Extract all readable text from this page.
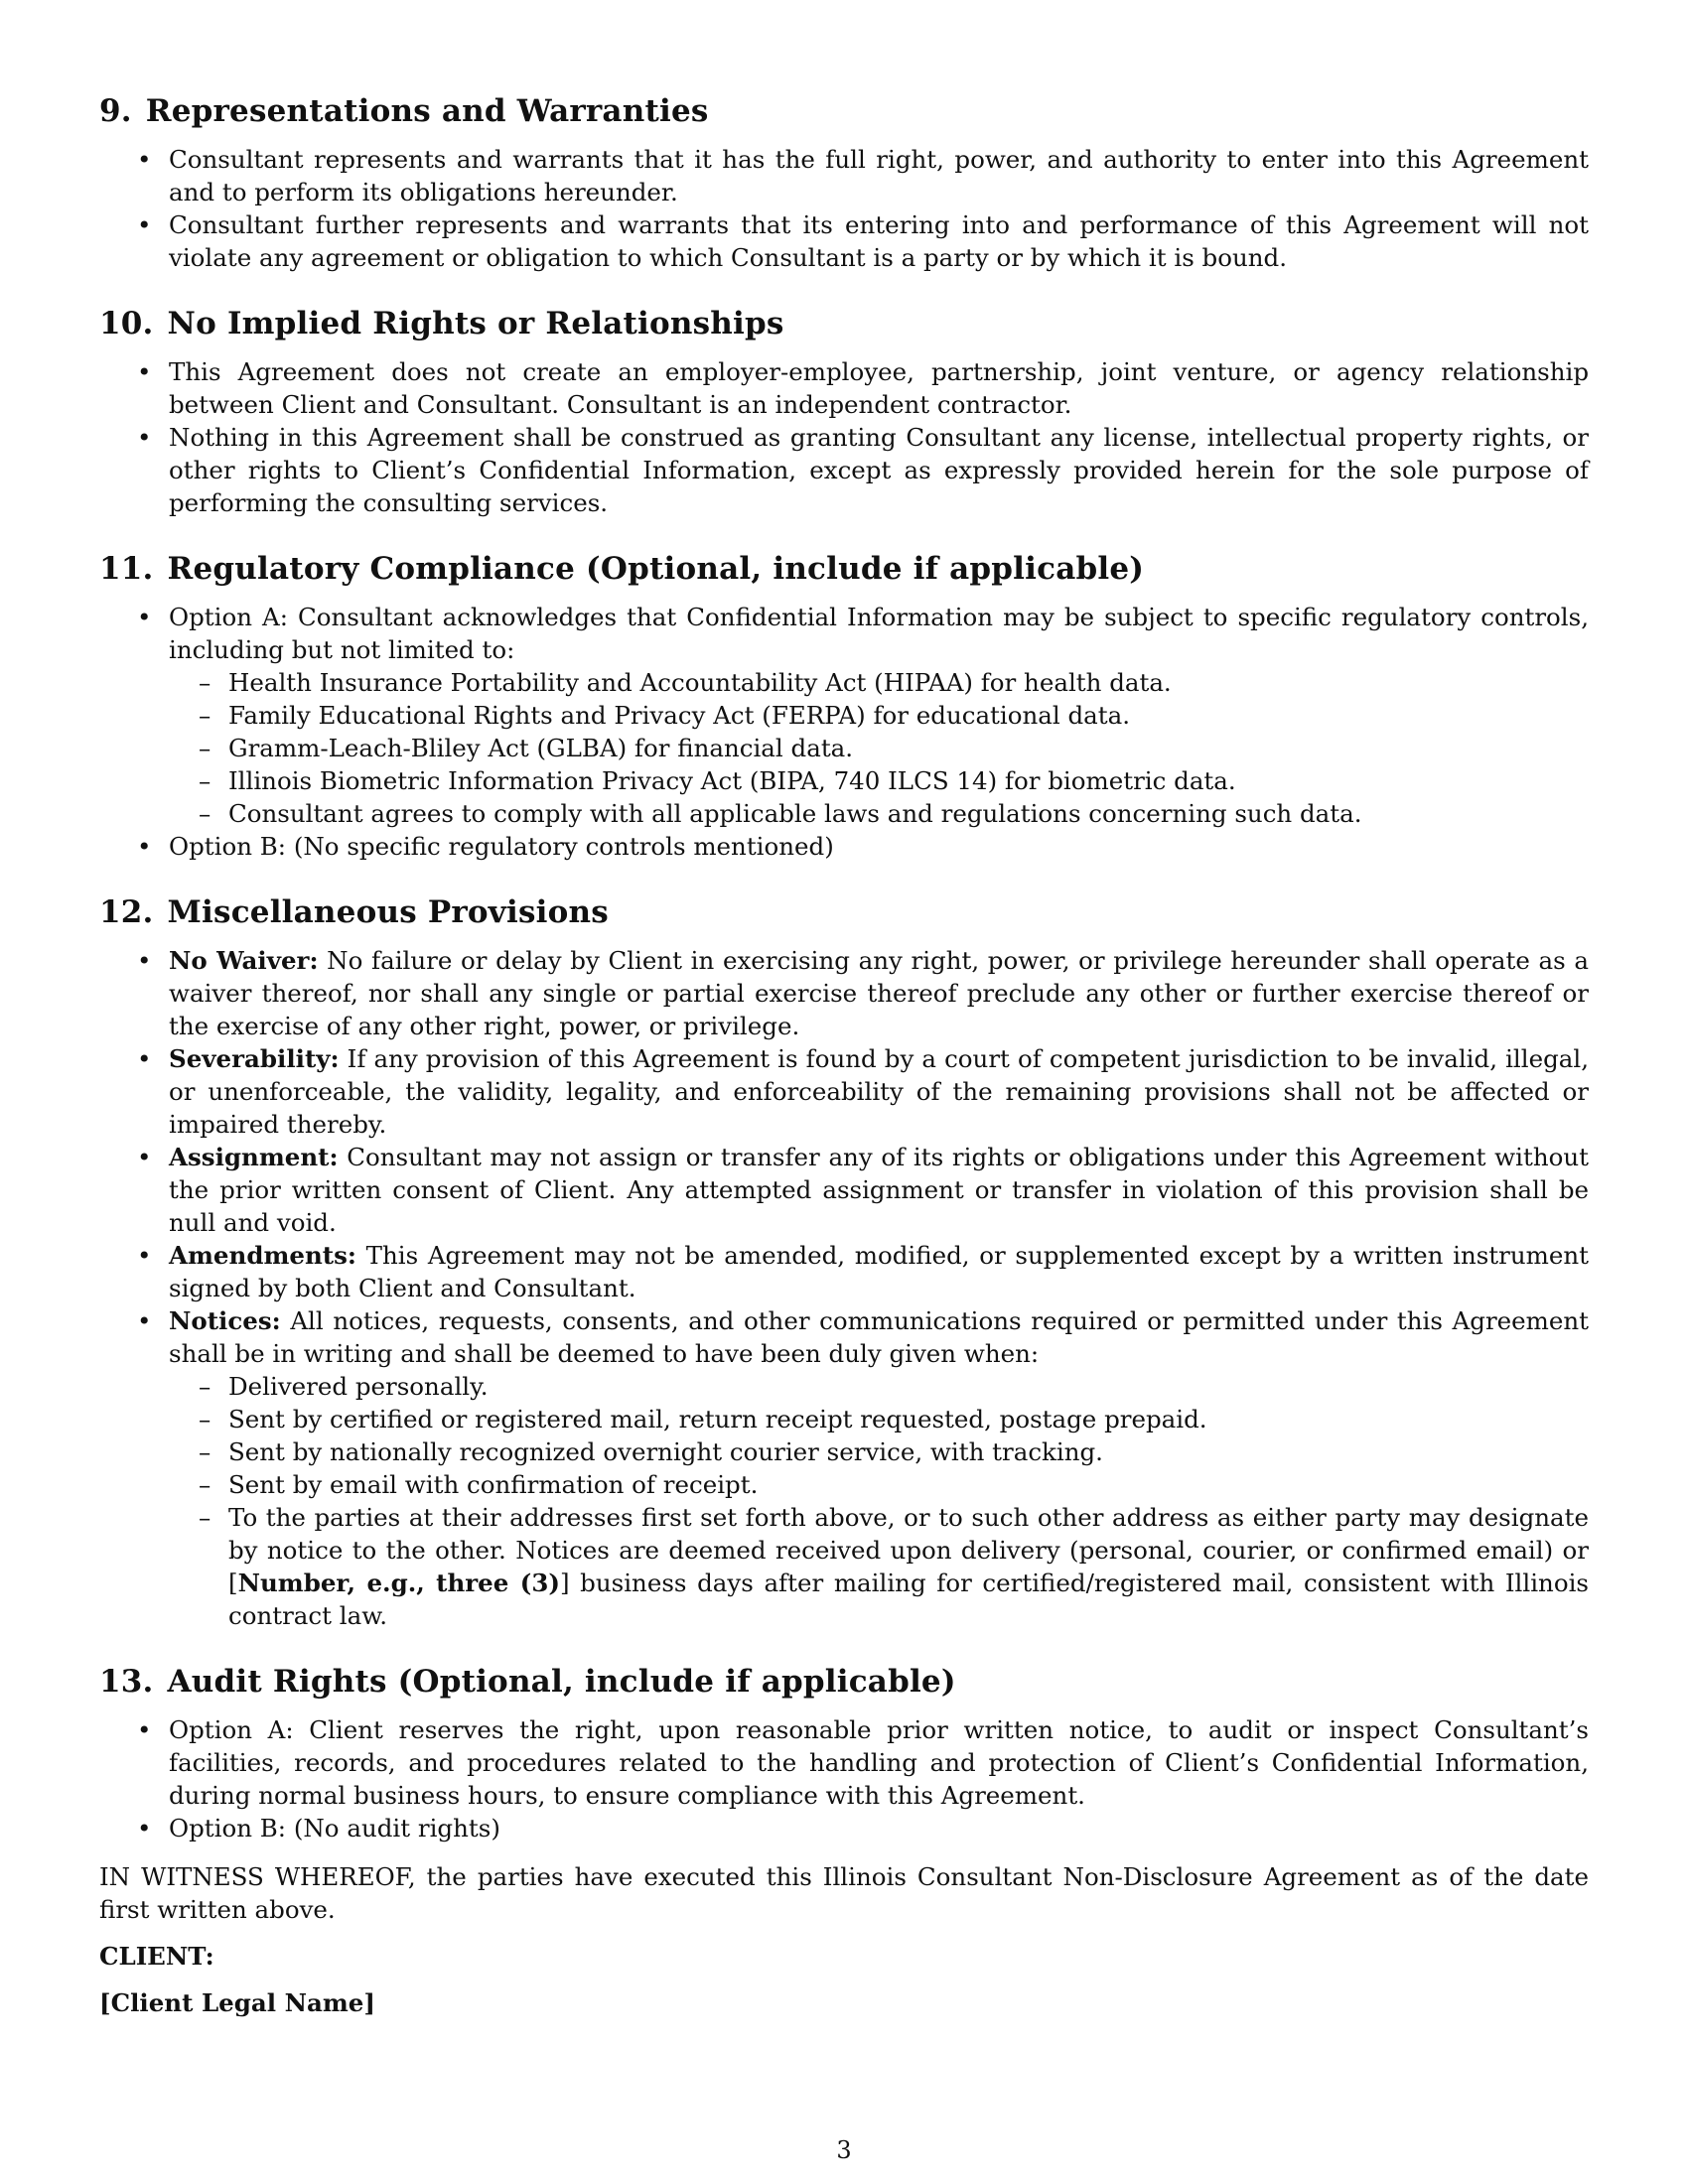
9. Representations and Warranties
• Consultant represents and warrants that it has the full right, power, and authority to enter into this Agreement and to perform its obligations hereunder.
• Consultant further represents and warrants that its entering into and performance of this Agreement will not violate any agreement or obligation to which Consultant is a party or by which it is bound.
10. No Implied Rights or Relationships
• This Agreement does not create an employer-employee, partnership, joint venture, or agency relationship between Client and Consultant. Consultant is an independent contractor.
• Nothing in this Agreement shall be construed as granting Consultant any license, intellectual property rights, or other rights to Client’s Confidential Information, except as expressly provided herein for the sole purpose of performing the consulting services.
11. Regulatory Compliance (Optional, include if applicable)
• Option A: Consultant acknowledges that Confidential Information may be subject to specific regulatory controls, including but not limited to:
– Health Insurance Portability and Accountability Act (HIPAA) for health data.
– Family Educational Rights and Privacy Act (FERPA) for educational data.
– Gramm-Leach-Bliley Act (GLBA) for financial data.
– Illinois Biometric Information Privacy Act (BIPA, 740 ILCS 14) for biometric data.
– Consultant agrees to comply with all applicable laws and regulations concerning such data.
• Option B: (No specific regulatory controls mentioned)
12. Miscellaneous Provisions
• No Waiver: No failure or delay by Client in exercising any right, power, or privilege hereunder shall operate as a waiver thereof, nor shall any single or partial exercise thereof preclude any other or further exercise thereof or the exercise of any other right, power, or privilege.
• Severability: If any provision of this Agreement is found by a court of competent jurisdiction to be invalid, illegal, or unenforceable, the validity, legality, and enforceability of the remaining provisions shall not be affected or impaired thereby.
• Assignment: Consultant may not assign or transfer any of its rights or obligations under this Agreement without the prior written consent of Client. Any attempted assignment or transfer in violation of this provision shall be null and void.
• Amendments: This Agreement may not be amended, modified, or supplemented except by a written instrument signed by both Client and Consultant.
• Notices: All notices, requests, consents, and other communications required or permitted under this Agreement shall be in writing and shall be deemed to have been duly given when:
– Delivered personally.
– Sent by certified or registered mail, return receipt requested, postage prepaid.
– Sent by nationally recognized overnight courier service, with tracking.
– Sent by email with confirmation of receipt.
– To the parties at their addresses first set forth above, or to such other address as either party may designate by notice to the other. Notices are deemed received upon delivery (personal, courier, or confirmed email) or [Number, e.g., three (3)] business days after mailing for certified/registered mail, consistent with Illinois contract law.
13. Audit Rights (Optional, include if applicable)
• Option A: Client reserves the right, upon reasonable prior written notice, to audit or inspect Consultant’s facilities, records, and procedures related to the handling and protection of Client’s Confidential Information, during normal business hours, to ensure compliance with this Agreement.
• Option B: (No audit rights)

IN WITNESS WHEREOF, the parties have executed this Illinois Consultant Non-Disclosure Agreement as of the date first written above.

CLIENT:

[Client Legal Name]

3
